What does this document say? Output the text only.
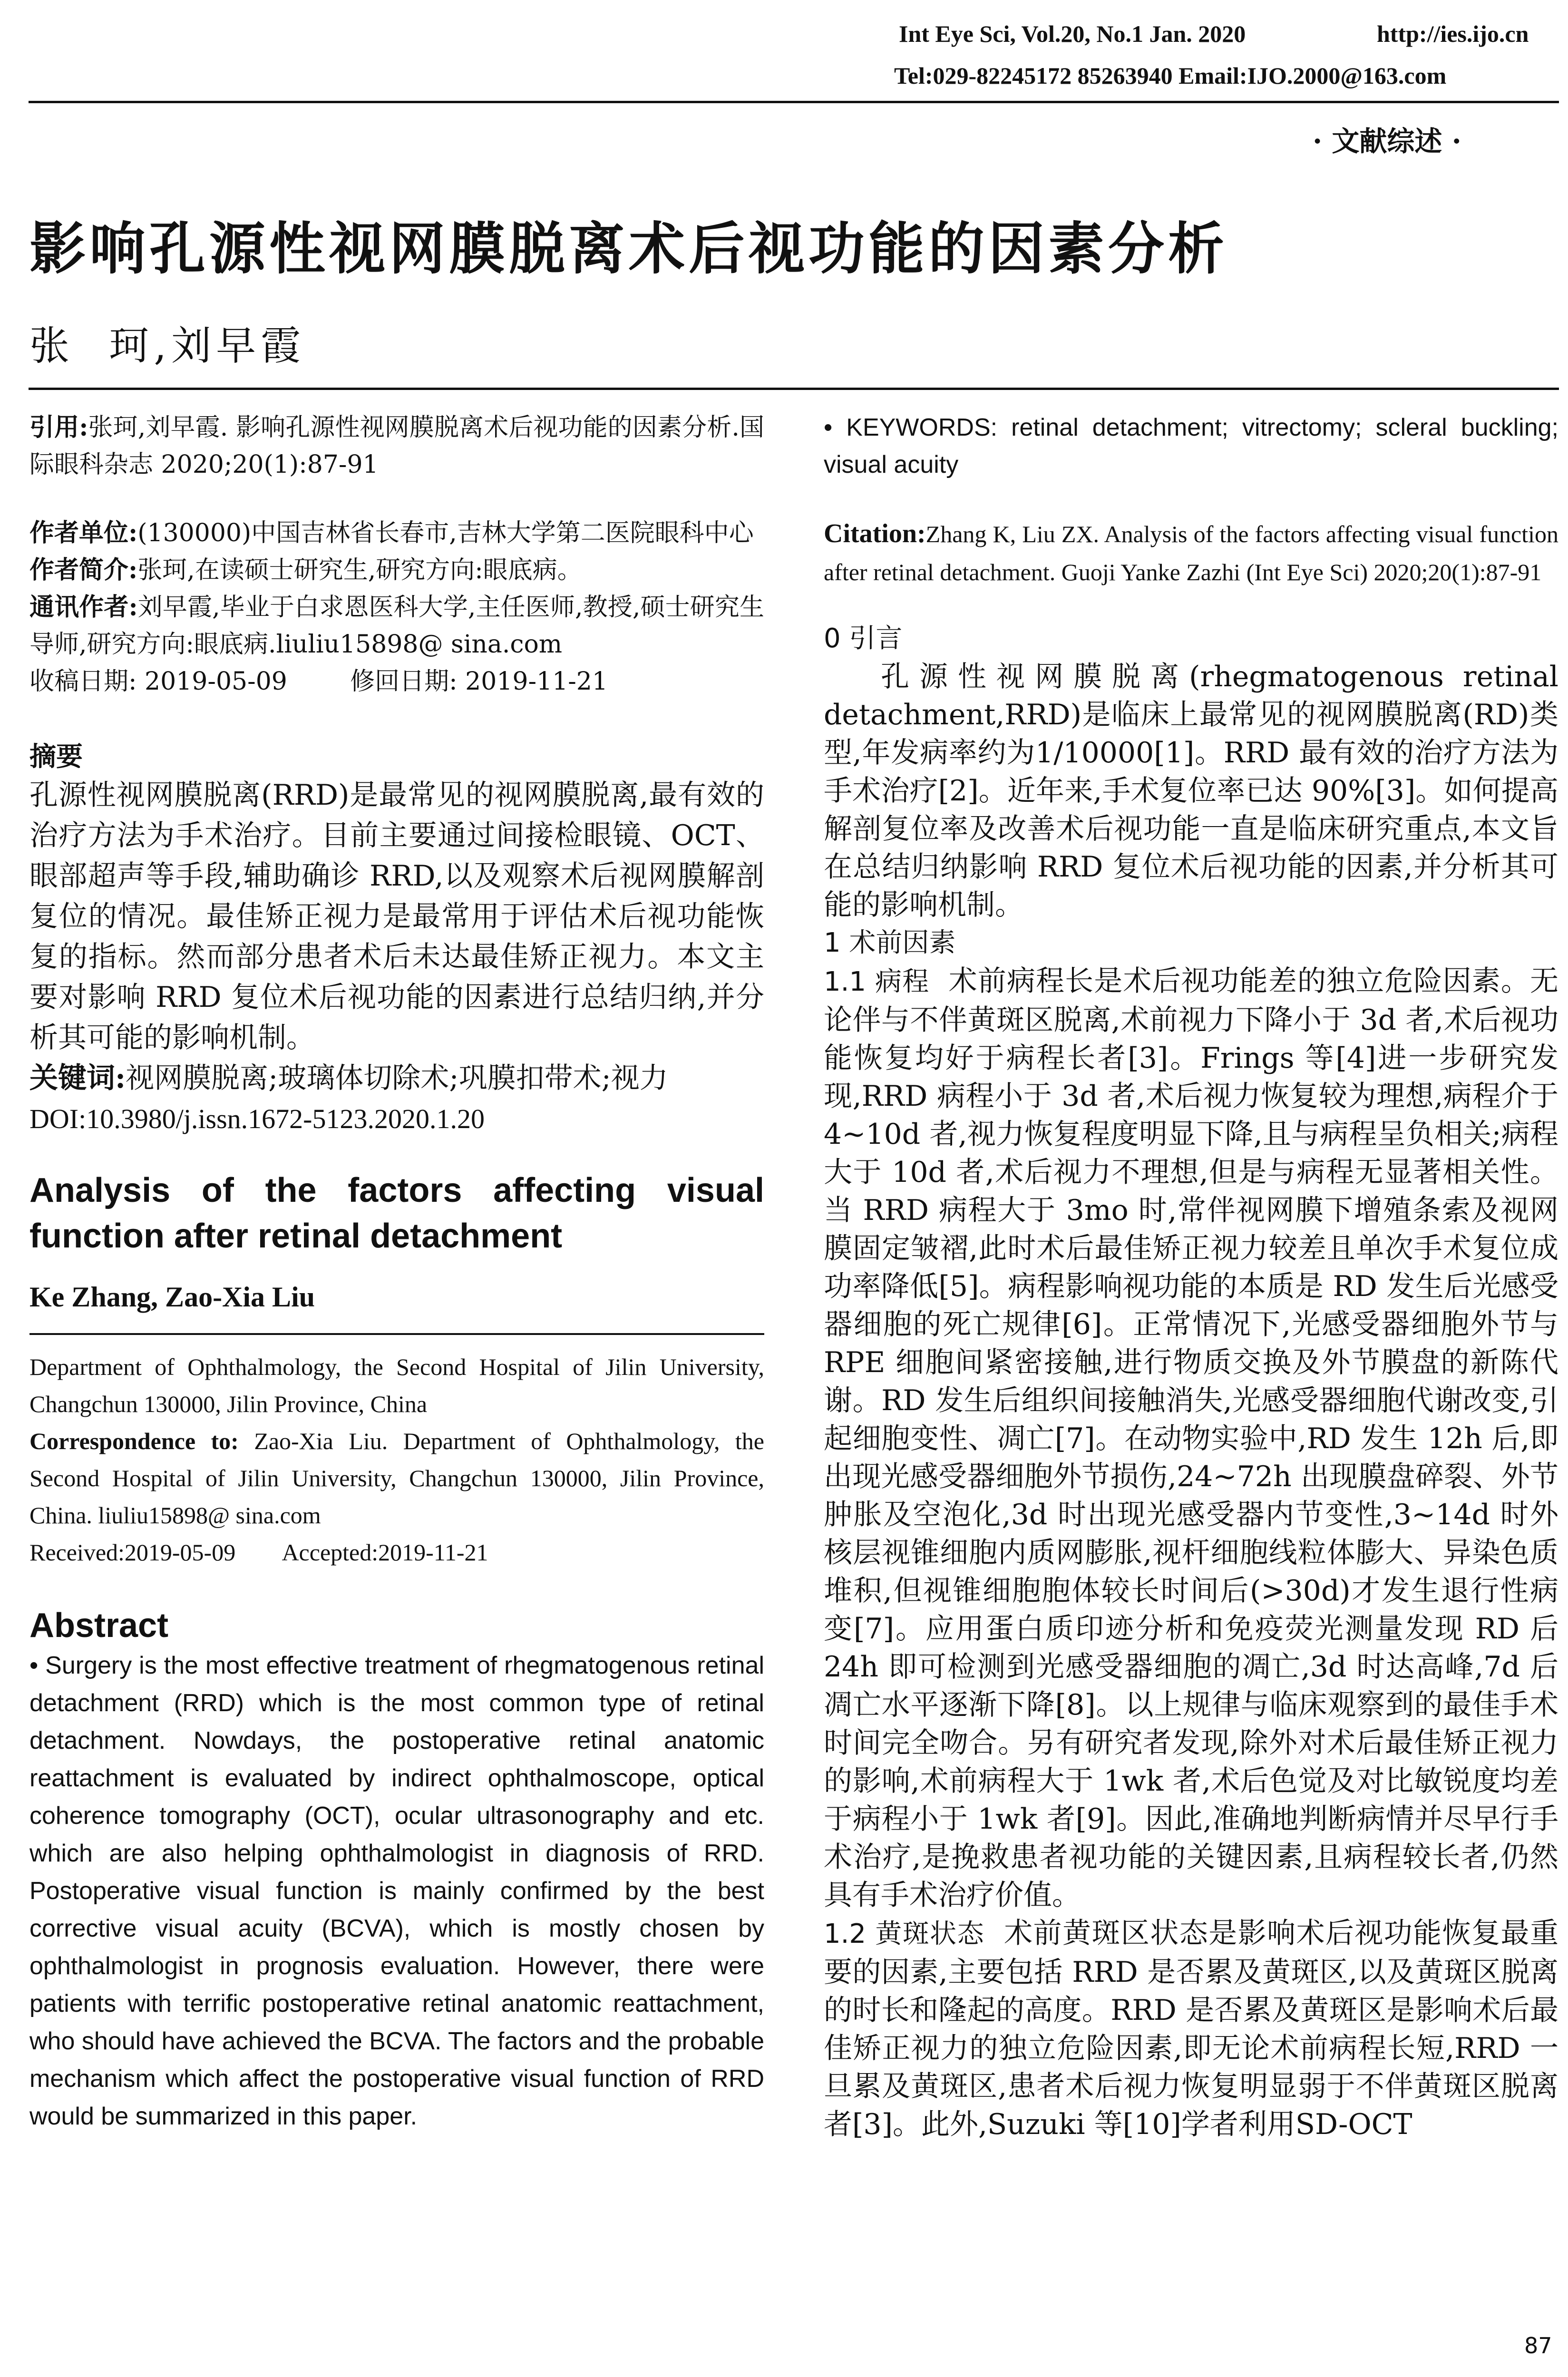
Int Eye Sci, Vol.20, No.1 Jan. 2020	http://ies.ijo.cn
Tel:029-82245172 85263940 Email:IJO.2000@163.com
· 文献综述 ·
影响孔源性视网膜脱离术后视功能的因素分析
张  珂,刘早霞
引用:张珂,刘早霞. 影响孔源性视网膜脱离术后视功能的因素分析.国际眼科杂志 2020;20(1):87-91
作者单位:(130000)中国吉林省长春市,吉林大学第二医院眼科中心
作者简介:张珂,在读硕士研究生,研究方向:眼底病。
通讯作者:刘早霞,毕业于白求恩医科大学,主任医师,教授,硕士研究生导师,研究方向:眼底病.liuliu15898@ sina.com
收稿日期: 2019-05-09        修回日期: 2019-11-21
摘要
孔源性视网膜脱离(RRD)是最常见的视网膜脱离,最有效的治疗方法为手术治疗。目前主要通过间接检眼镜、OCT、眼部超声等手段,辅助确诊 RRD,以及观察术后视网膜解剖复位的情况。最佳矫正视力是最常用于评估术后视功能恢复的指标。然而部分患者术后未达最佳矫正视力。本文主要对影响 RRD 复位术后视功能的因素进行总结归纳,并分析其可能的影响机制。
关键词:视网膜脱离;玻璃体切除术;巩膜扣带术;视力
DOI:10.3980/j.issn.1672-5123.2020.1.20
Analysis of the factors affecting visual function after retinal detachment
Ke Zhang, Zao-Xia Liu
Department of Ophthalmology, the Second Hospital of Jilin University, Changchun 130000, Jilin Province, China
Correspondence to: Zao-Xia Liu. Department of Ophthalmology, the Second Hospital of Jilin University, Changchun 130000, Jilin Province, China. liuliu15898@ sina.com
Received:2019-05-09        Accepted:2019-11-21
Abstract
• Surgery is the most effective treatment of rhegmatogenous retinal detachment (RRD) which is the most common type of retinal detachment. Nowdays, the postoperative retinal anatomic reattachment is evaluated by indirect ophthalmoscope, optical coherence tomography (OCT), ocular ultrasonography and etc. which are also helping ophthalmologist in diagnosis of RRD. Postoperative visual function is mainly confirmed by the best corrective visual acuity (BCVA), which is mostly chosen by ophthalmologist in prognosis evaluation. However, there were patients with terrific postoperative retinal anatomic reattachment, who should have achieved the BCVA. The factors and the probable mechanism which affect the postoperative visual function of RRD would be summarized in this paper.
• KEYWORDS: retinal detachment; vitrectomy; scleral buckling; visual acuity
Citation:Zhang K, Liu ZX. Analysis of the factors affecting visual function after retinal detachment. Guoji Yanke Zazhi (Int Eye Sci) 2020;20(1):87-91
0 引言
孔源性视网膜脱离(rhegmatogenous retinal detachment,RRD)是临床上最常见的视网膜脱离(RD)类型,年发病率约为1/10000[1]。RRD 最有效的治疗方法为手术治疗[2]。近年来,手术复位率已达 90%[3]。如何提高解剖复位率及改善术后视功能一直是临床研究重点,本文旨在总结归纳影响 RRD 复位术后视功能的因素,并分析其可能的影响机制。
1 术前因素
1.1 病程 术前病程长是术后视功能差的独立危险因素。无论伴与不伴黄斑区脱离,术前视力下降小于 3d 者,术后视功能恢复均好于病程长者[3]。Frings 等[4]进一步研究发现,RRD 病程小于 3d 者,术后视力恢复较为理想,病程介于 4~10d 者,视力恢复程度明显下降,且与病程呈负相关;病程大于 10d 者,术后视力不理想,但是与病程无显著相关性。当 RRD 病程大于 3mo 时,常伴视网膜下增殖条索及视网膜固定皱褶,此时术后最佳矫正视力较差且单次手术复位成功率降低[5]。病程影响视功能的本质是 RD 发生后光感受器细胞的死亡规律[6]。正常情况下,光感受器细胞外节与 RPE 细胞间紧密接触,进行物质交换及外节膜盘的新陈代谢。RD 发生后组织间接触消失,光感受器细胞代谢改变,引起细胞变性、凋亡[7]。在动物实验中,RD 发生 12h 后,即出现光感受器细胞外节损伤,24~72h 出现膜盘碎裂、外节肿胀及空泡化,3d 时出现光感受器内节变性,3~14d 时外核层视锥细胞内质网膨胀,视杆细胞线粒体膨大、异染色质堆积,但视锥细胞胞体较长时间后(>30d)才发生退行性病变[7]。应用蛋白质印迹分析和免疫荧光测量发现 RD 后 24h 即可检测到光感受器细胞的凋亡,3d 时达高峰,7d 后凋亡水平逐渐下降[8]。以上规律与临床观察到的最佳手术时间完全吻合。另有研究者发现,除外对术后最佳矫正视力的影响,术前病程大于 1wk 者,术后色觉及对比敏锐度均差于病程小于 1wk 者[9]。因此,准确地判断病情并尽早行手术治疗,是挽救患者视功能的关键因素,且病程较长者,仍然具有手术治疗价值。
1.2 黄斑状态 术前黄斑区状态是影响术后视功能恢复最重要的因素,主要包括 RRD 是否累及黄斑区,以及黄斑区脱离的时长和隆起的高度。RRD 是否累及黄斑区是影响术后最佳矫正视力的独立危险因素,即无论术前病程长短,RRD 一旦累及黄斑区,患者术后视力恢复明显弱于不伴黄斑区脱离者[3]。此外,Suzuki 等[10]学者利用SD-OCT
87
